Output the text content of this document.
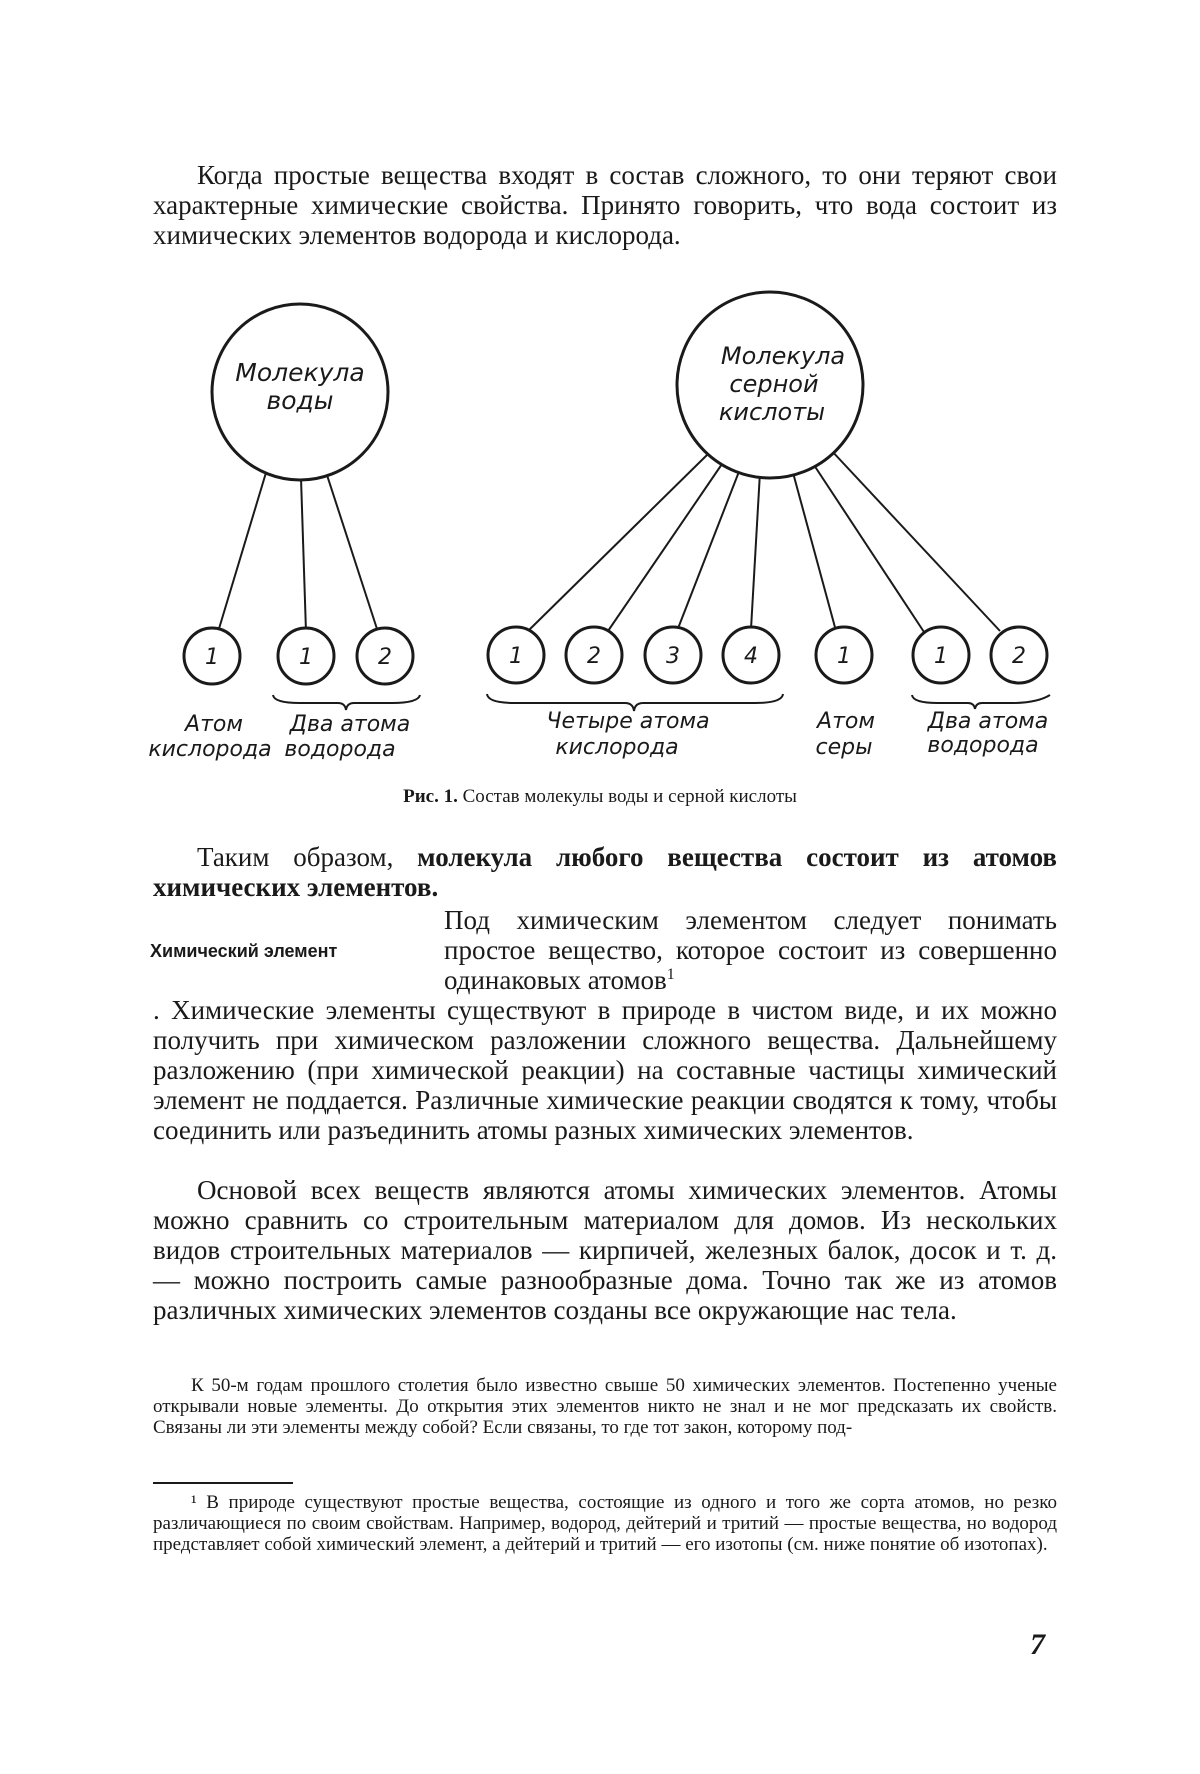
Когда простые вещества входят в состав сложного, то они теряют свои характерные химические свойства. Принято говорить, что вода состоит из химических элементов водорода и кислорода.

Молекула
воды
Молекула
серной
кислоты
1	1	2	1	2	3	4	1	1	2
Атом
кислорода
Два атома
водорода
Четыре атома
кислорода
Атом
серы
Два атома
водорода
Рис. 1. Состав молекулы воды и серной кислоты

Таким образом, молекула любого вещества состоит из атомов химических элементов.

Химический элемент

Под химическим элементом следует понимать простое вещество, которое состоит из совершенно одинаковых атомов$^1$

. Химические элементы существуют в природе в чистом виде, и их можно получить при химическом разложении сложного вещества. Дальнейшему разложению (при химической реакции) на составные частицы химический элемент не поддается. Различные химические реакции сводятся к тому, чтобы соединить или разъединить атомы разных химических элементов.

Основой всех веществ являются атомы химических элементов. Атомы можно сравнить со строительным материалом для домов. Из нескольких видов строительных материалов — кирпичей, железных балок, досок и т. д. — можно построить самые разнообразные дома. Точно так же из атомов различных химических элементов созданы все окружающие нас тела.

К 50-м годам прошлого столетия было известно свыше 50 химических элементов. Постепенно ученые открывали новые элементы. До открытия этих элементов никто не знал и не мог предсказать их свойств. Связаны ли эти элементы между собой? Если связаны, то где тот закон, которому под-

¹ В природе существуют простые вещества, состоящие из одного и того же сорта атомов, но резко различающиеся по своим свойствам. Например, водород, дейтерий и тритий — простые вещества, но водород представляет собой химический элемент, а дейтерий и тритий — его изотопы (см. ниже понятие об изотопах).

7
